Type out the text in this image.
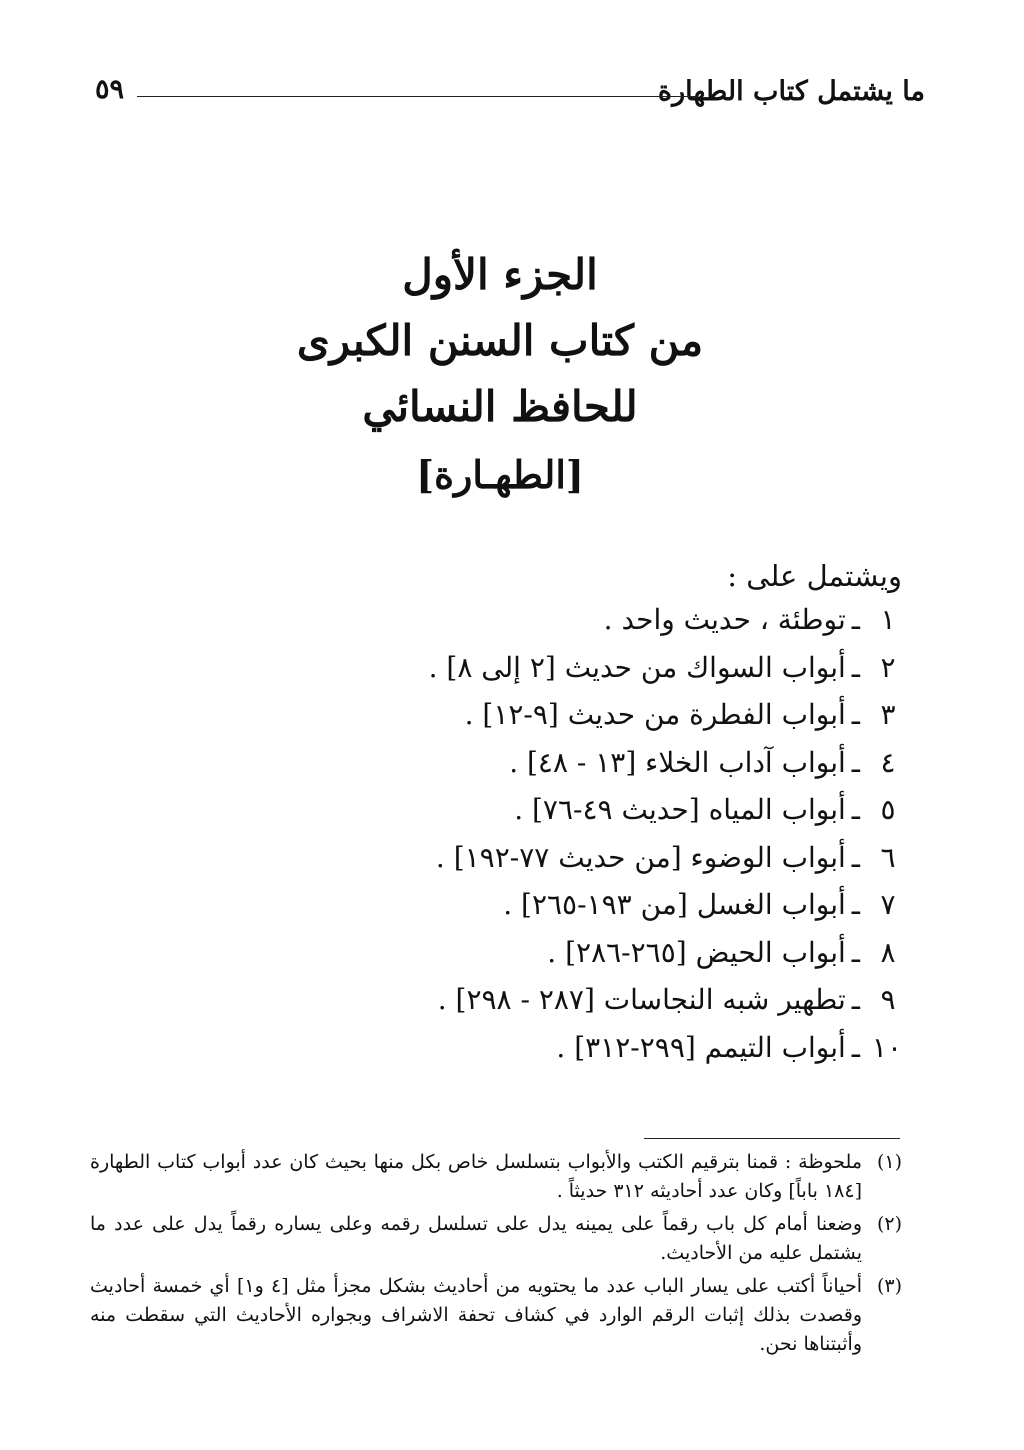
ما يشتمل كتاب الطهارة
٥٩
الجزء الأول
من كتاب السنن الكبرى
للحافظ النسائي
[الطهـارة]
ويشتمل على :
١
ـ
توطئة ، حديث واحد .
٢
ـ
أبواب السواك من حديث [٢ إلى ٨] .
٣
ـ
أبواب الفطرة من حديث [٩-١٢] .
٤
ـ
أبواب آداب الخلاء [١٣ - ٤٨] .
٥
ـ
أبواب المياه [حديث ٤٩-٧٦] .
٦
ـ
أبواب الوضوء [من حديث ٧٧-١٩٢] .
٧
ـ
أبواب الغسل [من ١٩٣-٢٦٥] .
٨
ـ
أبواب الحيض [٢٦٥-٢٨٦] .
٩
ـ
تطهير شبه النجاسات [٢٨٧ - ٢٩٨] .
١٠
ـ
أبواب التيمم [٢٩٩-٣١٢] .
(١)
ملحوظة : قمنا بترقيم الكتب والأبواب بتسلسل خاص بكل منها بحيث كان عدد أبواب كتاب الطهارة [١٨٤ باباً] وكان عدد أحاديثه ٣١٢ حديثاً .
(٢)
وضعنا أمام كل باب رقماً على يمينه يدل على تسلسل رقمه وعلى يساره رقماً يدل على عدد ما يشتمل عليه من الأحاديث.
(٣)
أحياناً أكتب على يسار الباب عدد ما يحتويه من أحاديث بشكل مجزأ مثل [٤ و١] أي خمسة أحاديث وقصدت بذلك إثبات الرقم الوارد في كشاف تحفة الاشراف وبجواره الأحاديث التي سقطت منه وأثبتناها نحن.
